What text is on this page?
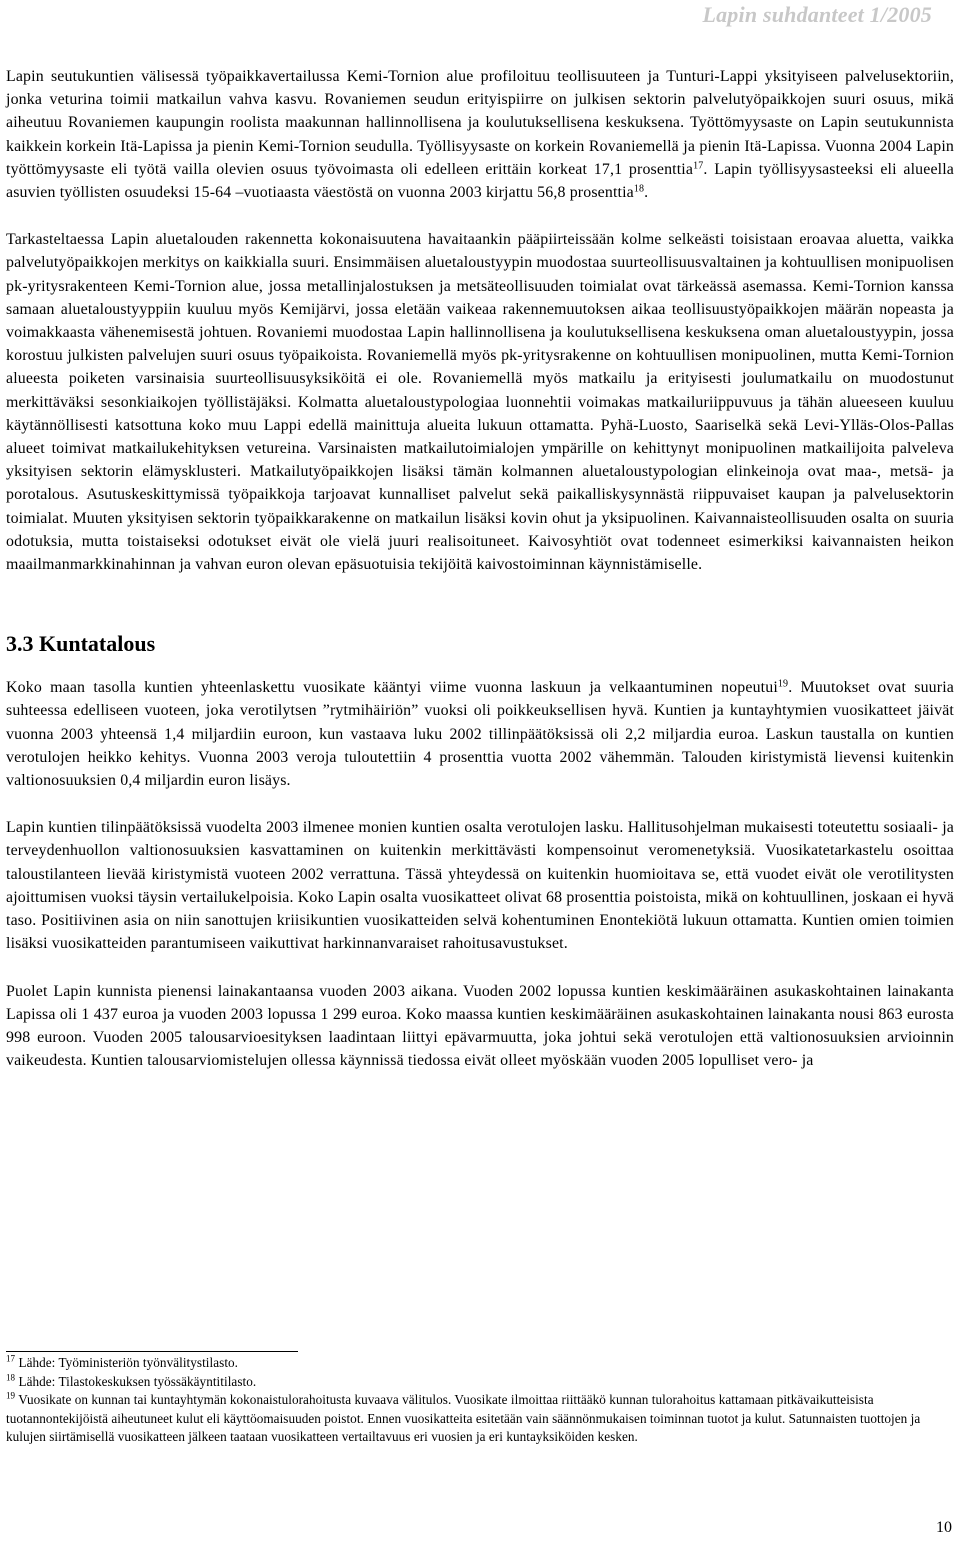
Lapin suhdanteet 1/2005

Lapin seutukuntien välisessä työpaikkavertailussa Kemi-Tornion alue profiloituu teollisuuteen ja Tunturi-Lappi yksityiseen palvelusektoriin, jonka veturina toimii matkailun vahva kasvu. Rovaniemen seudun erityispiirre on julkisen sektorin palvelutyöpaikkojen suuri osuus, mikä aiheutuu Rovaniemen kaupungin roolista maakunnan hallinnollisena ja koulutuksellisena keskuksena. Työttömyysaste on Lapin seutukunnista kaikkein korkein Itä-Lapissa ja pienin Kemi-Tornion seudulla. Työllisyysaste on korkein Rovaniemellä ja pienin Itä-Lapissa. Vuonna 2004 Lapin työttömyysaste eli työtä vailla olevien osuus työvoimasta oli edelleen erittäin korkeat 17,1 prosenttia$^{17}$. Lapin työllisyysasteeksi eli alueella asuvien työllisten osuudeksi 15-64 –vuotiaasta väestöstä on vuonna 2003 kirjattu 56,8 prosenttia$^{18}$.

Tarkasteltaessa Lapin aluetalouden rakennetta kokonaisuutena havaitaankin pääpiirteissään kolme selkeästi toisistaan eroavaa aluetta, vaikka palvelutyöpaikkojen merkitys on kaikkialla suuri. Ensimmäisen aluetaloustyypin muodostaa suurteollisuusvaltainen ja kohtuullisen monipuolisen pk-yritysrakenteen Kemi-Tornion alue, jossa metallinjalostuksen ja metsäteollisuuden toimialat ovat tärkeässä asemassa. Kemi-Tornion kanssa samaan aluetaloustyyppiin kuuluu myös Kemijärvi, jossa eletään vaikeaa rakennemuutoksen aikaa teollisuustyöpaikkojen määrän nopeasta ja voimakkaasta vähenemisestä johtuen. Rovaniemi muodostaa Lapin hallinnollisena ja koulutuksellisena keskuksena oman aluetaloustyypin, jossa korostuu julkisten palvelujen suuri osuus työpaikoista. Rovaniemellä myös pk-yritysrakenne on kohtuullisen monipuolinen, mutta Kemi-Tornion alueesta poiketen varsinaisia suurteollisuusyksiköitä ei ole. Rovaniemellä myös matkailu ja erityisesti joulumatkailu on muodostunut merkittäväksi sesonkiaikojen työllistäjäksi. Kolmatta aluetaloustypologiaa luonnehtii voimakas matkailuriippuvuus ja tähän alueeseen kuuluu käytännöllisesti katsottuna koko muu Lappi edellä mainittuja alueita lukuun ottamatta. Pyhä-Luosto, Saariselkä sekä Levi-Ylläs-Olos-Pallas alueet toimivat matkailukehityksen vetureina. Varsinaisten matkailutoimialojen ympärille on kehittynyt monipuolinen matkailijoita palveleva yksityisen sektorin elämysklusteri. Matkailutyöpaikkojen lisäksi tämän kolmannen aluetaloustypologian elinkeinoja ovat maa-, metsä- ja porotalous. Asutuskeskittymissä työpaikkoja tarjoavat kunnalliset palvelut sekä paikalliskysynnästä riippuvaiset kaupan ja palvelusektorin toimialat. Muuten yksityisen sektorin työpaikkarakenne on matkailun lisäksi kovin ohut ja yksipuolinen. Kaivannaisteollisuuden osalta on suuria odotuksia, mutta toistaiseksi odotukset eivät ole vielä juuri realisoituneet. Kaivosyhtiöt ovat todenneet esimerkiksi kaivannaisten heikon maailmanmarkkinahinnan ja vahvan euron olevan epäsuotuisia tekijöitä kaivostoiminnan käynnistämiselle.

3.3 Kuntatalous

Koko maan tasolla kuntien yhteenlaskettu vuosikate kääntyi viime vuonna laskuun ja velkaantuminen nopeutui$^{19}$. Muutokset ovat suuria suhteessa edelliseen vuoteen, joka verotilytsen ”rytmihäiriön” vuoksi oli poikkeuksellisen hyvä. Kuntien ja kuntayhtymien vuosikatteet jäivät vuonna 2003 yhteensä 1,4 miljardiin euroon, kun vastaava luku 2002 tillinpäätöksissä oli 2,2 miljardia euroa. Laskun taustalla on kuntien verotulojen heikko kehitys. Vuonna 2003 veroja tuloutettiin 4 prosenttia vuotta 2002 vähemmän. Talouden kiristymistä lievensi kuitenkin valtionosuuksien 0,4 miljardin euron lisäys.

Lapin kuntien tilinpäätöksissä vuodelta 2003 ilmenee monien kuntien osalta verotulojen lasku. Hallitusohjelman mukaisesti toteutettu sosiaali- ja terveydenhuollon valtionosuuksien kasvattaminen on kuitenkin merkittävästi kompensoinut veromenetyksiä. Vuosikatetarkastelu osoittaa taloustilanteen lievää kiristymistä vuoteen 2002 verrattuna. Tässä yhteydessä on kuitenkin huomioitava se, että vuodet eivät ole verotilitysten ajoittumisen vuoksi täysin vertailukelpoisia. Koko Lapin osalta vuosikatteet olivat 68 prosenttia poistoista, mikä on kohtuullinen, joskaan ei hyvä taso. Positiivinen asia on niin sanottujen kriisikuntien vuosikatteiden selvä kohentuminen Enontekiötä lukuun ottamatta. Kuntien omien toimien lisäksi vuosikatteiden parantumiseen vaikuttivat harkinnanvaraiset rahoitusavustukset.

Puolet Lapin kunnista pienensi lainakantaansa vuoden 2003 aikana. Vuoden 2002 lopussa kuntien keskimääräinen asukaskohtainen lainakanta Lapissa oli 1 437 euroa ja vuoden 2003 lopussa 1 299 euroa. Koko maassa kuntien keskimääräinen asukaskohtainen lainakanta nousi 863 eurosta 998 euroon. Vuoden 2005 talousarvioesityksen laadintaan liittyi epävarmuutta, joka johtui sekä verotulojen että valtionosuuksien arvioinnin vaikeudesta. Kuntien talousarviomistelujen ollessa käynnissä tiedossa eivät olleet myöskään vuoden 2005 lopulliset vero- ja

$^{17}$ Lähde: Työministeriön työnvälitystilasto.

$^{18}$ Lähde: Tilastokeskuksen työssäkäyntitilasto.

$^{19}$ Vuosikate on kunnan tai kuntayhtymän kokonaistulorahoitusta kuvaava välitulos. Vuosikate ilmoittaa riittääkö kunnan tulorahoitus kattamaan pitkävaikutteisista tuotannontekijöistä aiheutuneet kulut eli käyttöomaisuuden poistot. Ennen vuosikatteita esitetään vain säännönmukaisen toiminnan tuotot ja kulut. Satunnaisten tuottojen ja kulujen siirtämisellä vuosikatteen jälkeen taataan vuosikatteen vertailtavuus eri vuosien ja eri kuntayksiköiden kesken.

10
